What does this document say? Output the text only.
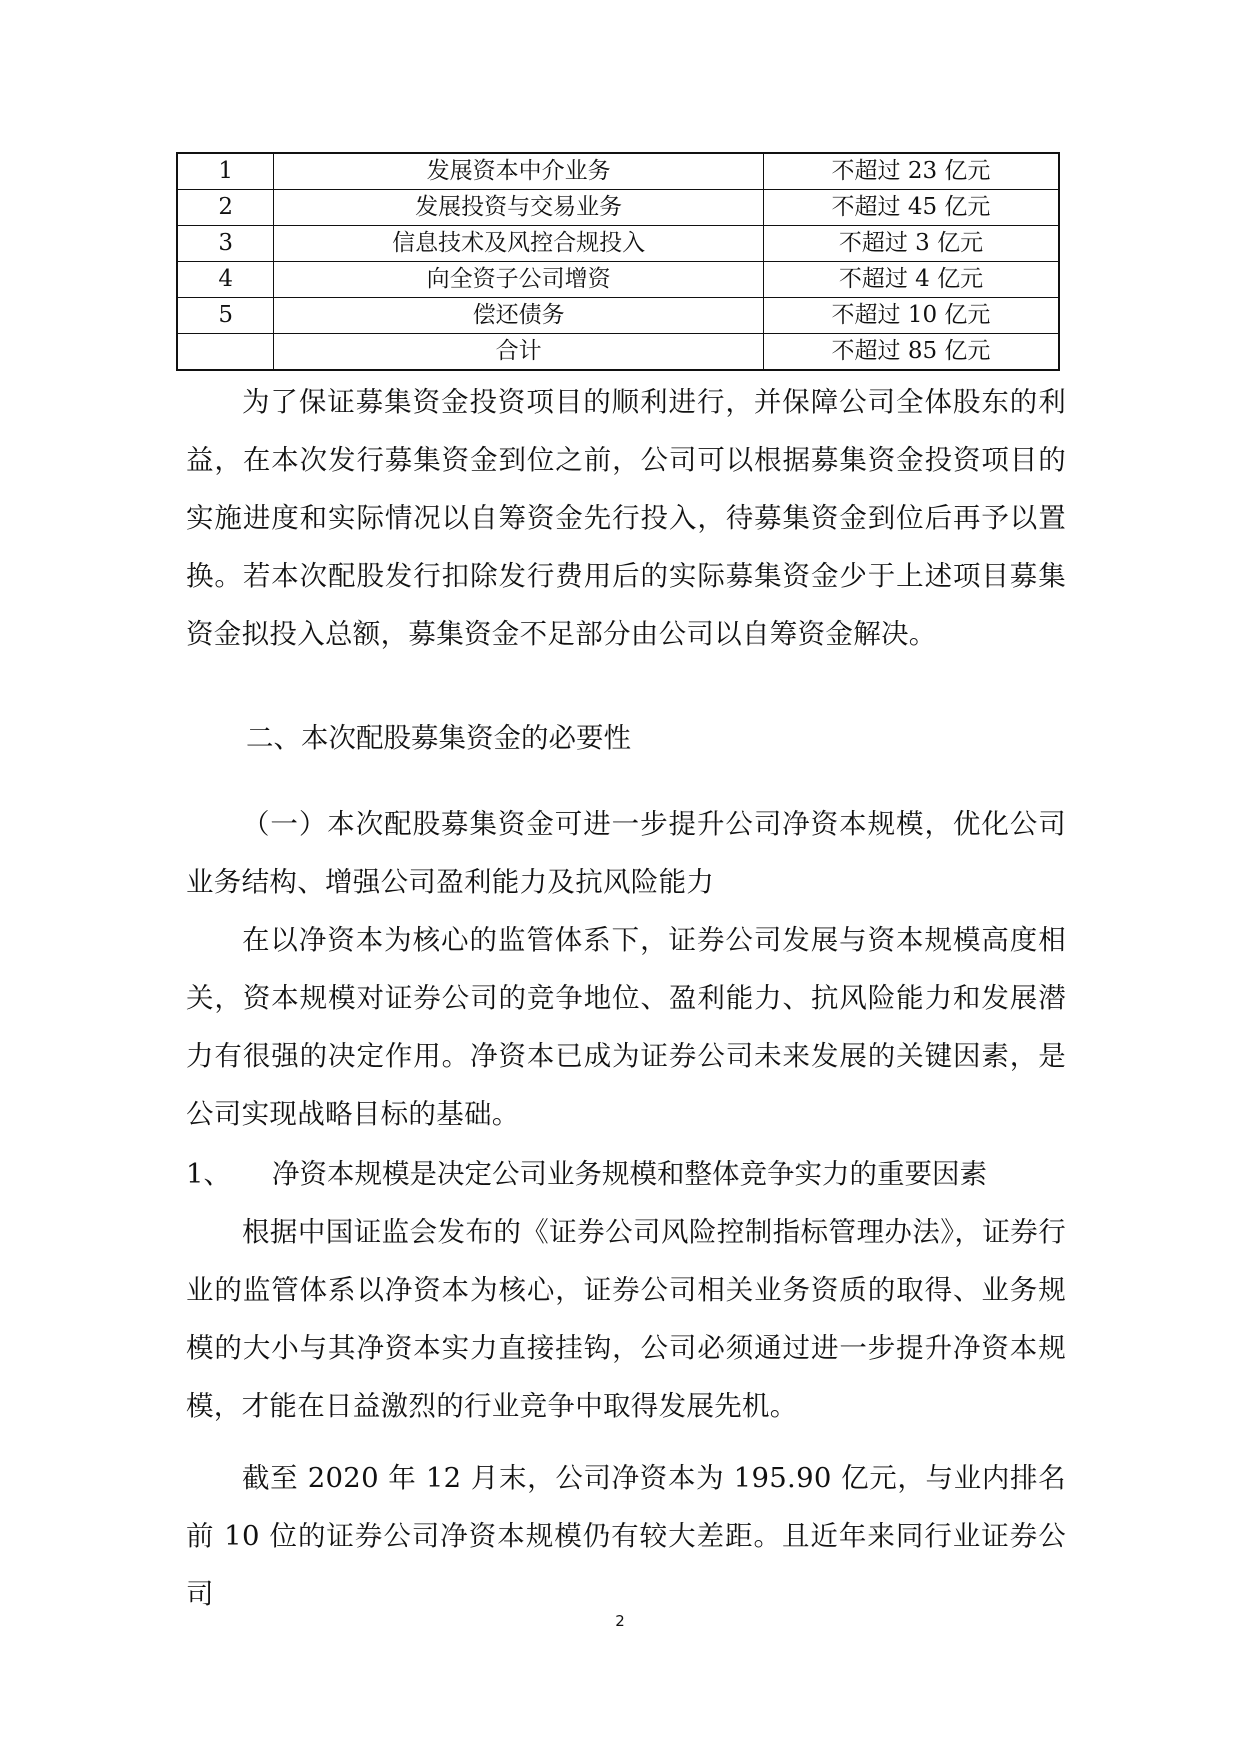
1	发展资本中介业务	不超过 23 亿元
2	发展投资与交易业务	不超过 45 亿元
3	信息技术及风控合规投入	不超过 3 亿元
4	向全资子公司增资	不超过 4 亿元
5	偿还债务	不超过 10 亿元
	合计	不超过 85 亿元

为了保证募集资金投资项目的顺利进行，并保障公司全体股东的利益，在本次发行募集资金到位之前，公司可以根据募集资金投资项目的实施进度和实际情况以自筹资金先行投入，待募集资金到位后再予以置换。若本次配股发行扣除发行费用后的实际募集资金少于上述项目募集资金拟投入总额，募集资金不足部分由公司以自筹资金解决。

二、本次配股募集资金的必要性

（一）本次配股募集资金可进一步提升公司净资本规模，优化公司业务结构、增强公司盈利能力及抗风险能力

在以净资本为核心的监管体系下，证券公司发展与资本规模高度相关，资本规模对证券公司的竞争地位、盈利能力、抗风险能力和发展潜力有很强的决定作用。净资本已成为证券公司未来发展的关键因素，是公司实现战略目标的基础。

1、 净资本规模是决定公司业务规模和整体竞争实力的重要因素

根据中国证监会发布的《证券公司风险控制指标管理办法》，证券行业的监管体系以净资本为核心，证券公司相关业务资质的取得、业务规模的大小与其净资本实力直接挂钩，公司必须通过进一步提升净资本规模，才能在日益激烈的行业竞争中取得发展先机。

截至 2020 年 12 月末，公司净资本为 195.90 亿元，与业内排名前 10 位的证券公司净资本规模仍有较大差距。且近年来同行业证券公司

2
